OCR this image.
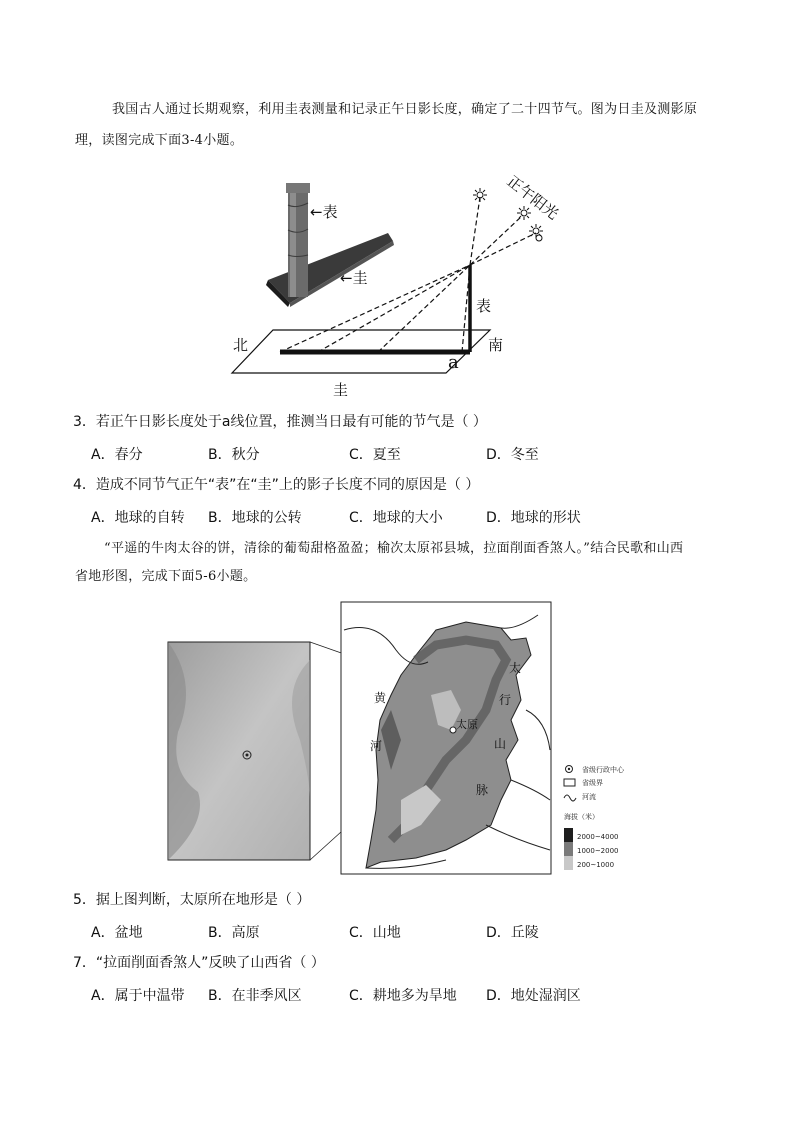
我国古人通过长期观察，利用圭表测量和记录正午日影长度，确定了二十四节气。图为日圭及测影原
理，读图完成下面3-4小题。
←表
←圭
正午阳光
表
北	南
a
圭
3．若正午日影长度处于a线位置，推测当日最有可能的节气是（ ）
A．春分	B．秋分	C．夏至	D．冬至
4．造成不同节气正午“表”在“圭”上的影子长度不同的原因是（ ）
A．地球的自转 B．地球的公转	C．地球的大小	D．地球的形状
“平遥的牛肉太谷的饼，清徐的葡萄甜格盈盈；榆次太原祁县城，拉面削面香煞人。”结合民歌和山西
省地形图，完成下面5-6小题。
太
行
山
脉
黄
河
太原
省级行政中心
省级界
河流
海拔（米）
2000~4000
1000~2000
200~1000
5．据上图判断，太原所在地形是（ ）
A．盆地	B．高原	C．山地	D．丘陵
7．“拉面削面香煞人”反映了山西省（ ）
A．属于中温带 B．在非季风区	C．耕地多为旱地 D．地处湿润区
